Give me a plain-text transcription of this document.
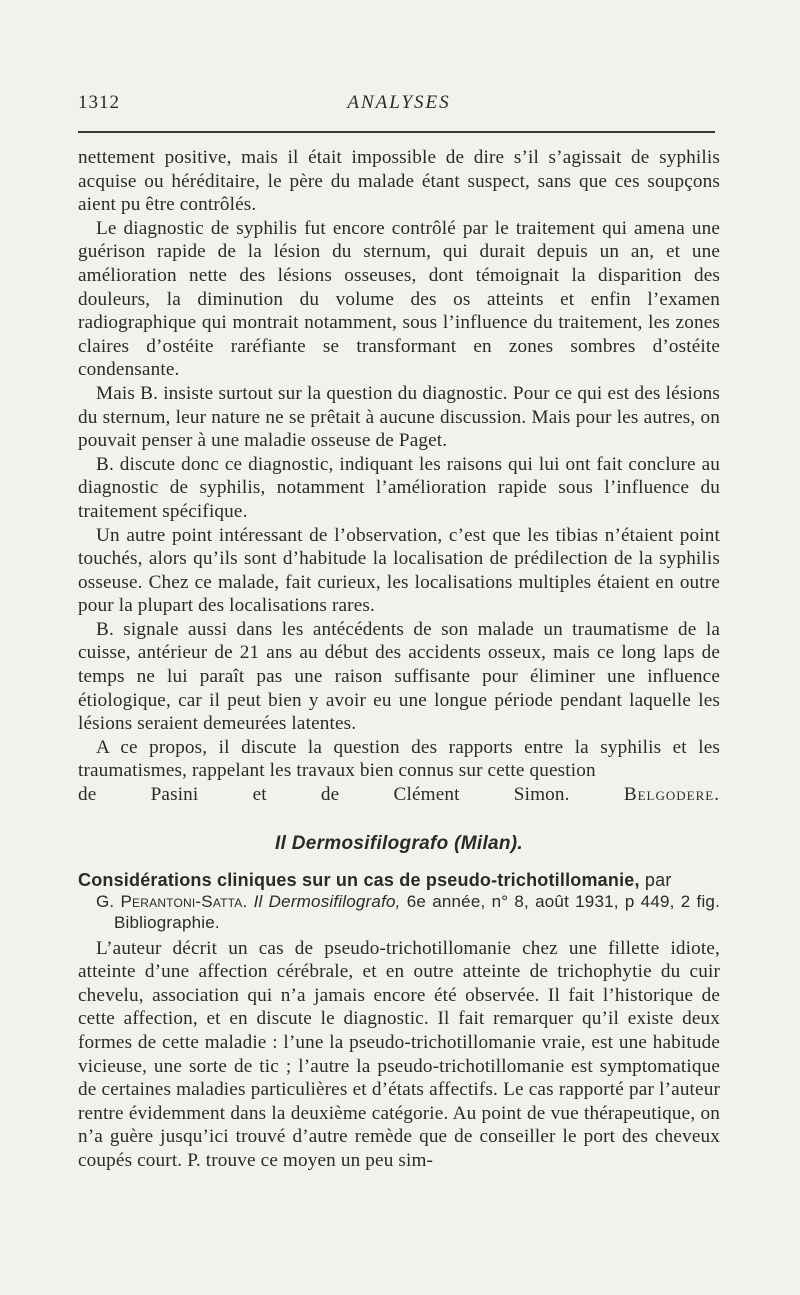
1312	ANALYSES

nettement positive, mais il était impossible de dire s’il s’agissait de syphilis acquise ou héréditaire, le père du malade étant suspect, sans que ces soupçons aient pu être contrôlés.

Le diagnostic de syphilis fut encore contrôlé par le traitement qui amena une guérison rapide de la lésion du sternum, qui durait depuis un an, et une amélioration nette des lésions osseuses, dont témoignait la disparition des douleurs, la diminution du volume des os atteints et enfin l’examen radiographique qui montrait notamment, sous l’influence du traitement, les zones claires d’ostéite raréfiante se transformant en zones sombres d’ostéite condensante.

Mais B. insiste surtout sur la question du diagnostic. Pour ce qui est des lésions du sternum, leur nature ne se prêtait à aucune discussion. Mais pour les autres, on pouvait penser à une maladie osseuse de Paget.

B. discute donc ce diagnostic, indiquant les raisons qui lui ont fait conclure au diagnostic de syphilis, notamment l’amélioration rapide sous l’influence du traitement spécifique.

Un autre point intéressant de l’observation, c’est que les tibias n’étaient point touchés, alors qu’ils sont d’habitude la localisation de prédilection de la syphilis osseuse. Chez ce malade, fait curieux, les localisations multiples étaient en outre pour la plupart des localisations rares.

B. signale aussi dans les antécédents de son malade un traumatisme de la cuisse, antérieur de 21 ans au début des accidents osseux, mais ce long laps de temps ne lui paraît pas une raison suffisante pour éliminer une influence étiologique, car il peut bien y avoir eu une longue période pendant laquelle les lésions seraient demeurées latentes.

A ce propos, il discute la question des rapports entre la syphilis et les traumatismes, rappelant les travaux bien connus sur cette question

de Pasini et de Clément Simon.	Belgodere.

Il Dermosifilografo (Milan).

Considérations cliniques sur un cas de pseudo-trichotillomanie, par

G. Perantoni-Satta. Il Dermosifilografo, 6e année, n° 8, août 1931, p 449, 2 fig. Bibliographie.

L’auteur décrit un cas de pseudo-trichotillomanie chez une fillette idiote, atteinte d’une affection cérébrale, et en outre atteinte de trichophytie du cuir chevelu, association qui n’a jamais encore été observée. Il fait l’historique de cette affection, et en discute le diagnostic. Il fait remarquer qu’il existe deux formes de cette maladie : l’une la pseudo-trichotillomanie vraie, est une habitude vicieuse, une sorte de tic ; l’autre la pseudo-trichotillomanie est symptomatique de certaines maladies particulières et d’états affectifs. Le cas rapporté par l’auteur rentre évidemment dans la deuxième catégorie. Au point de vue thérapeutique, on n’a guère jusqu’ici trouvé d’autre remède que de conseiller le port des cheveux coupés court. P. trouve ce moyen un peu sim-
